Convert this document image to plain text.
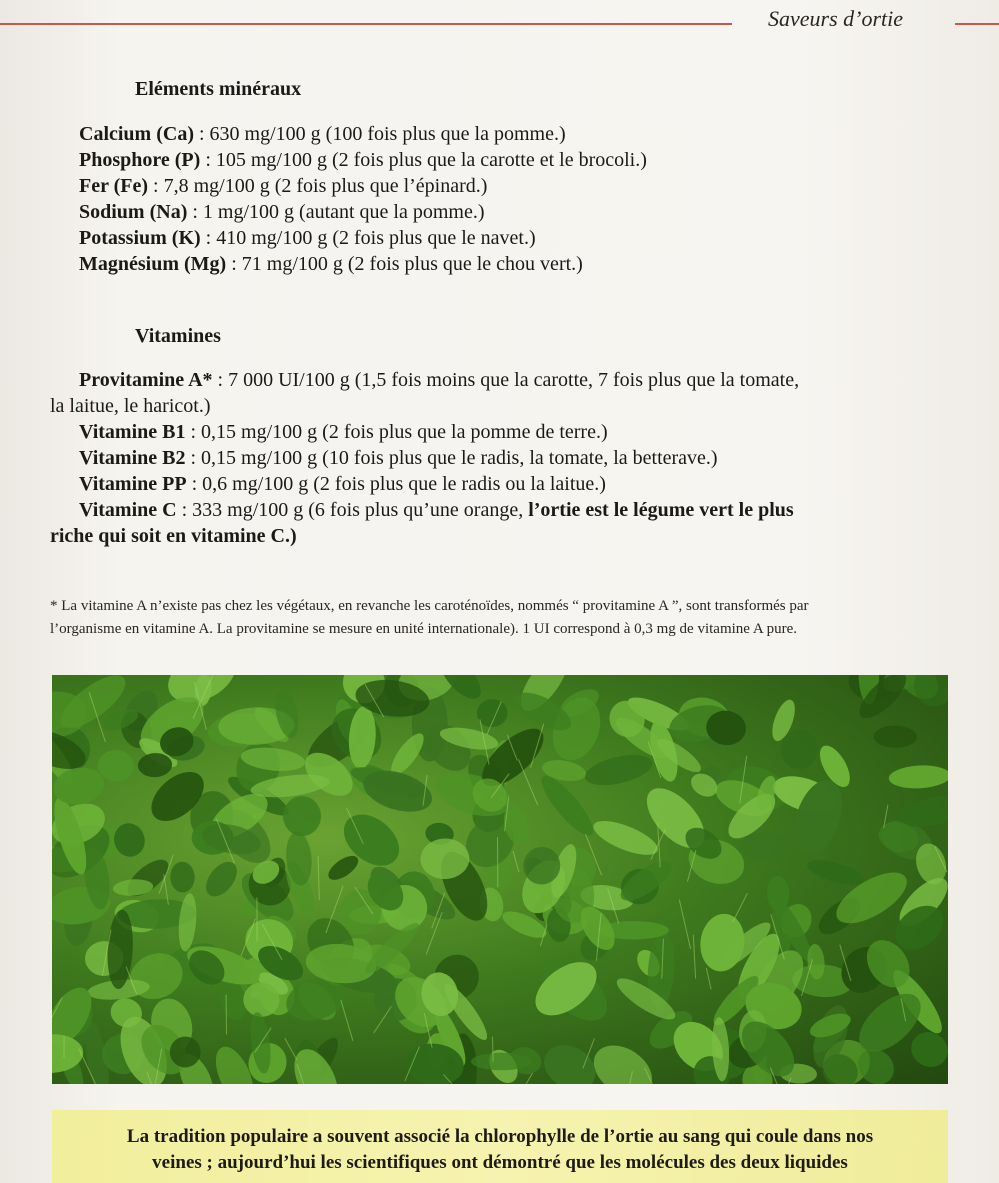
Saveurs d’ortie
Eléments minéraux
Calcium (Ca) : 630 mg/100 g (100 fois plus que la pomme.)
Phosphore (P) : 105 mg/100 g (2 fois plus que la carotte et le brocoli.)
Fer (Fe) : 7,8 mg/100 g (2 fois plus que l’épinard.)
Sodium (Na) : 1 mg/100 g (autant que la pomme.)
Potassium (K) : 410 mg/100 g (2 fois plus que le navet.)
Magnésium (Mg) : 71 mg/100 g (2 fois plus que le chou vert.)
Vitamines
Provitamine A* : 7 000 UI/100 g (1,5 fois moins que la carotte, 7 fois plus que la tomate,
la laitue, le haricot.)
Vitamine B1 : 0,15 mg/100 g (2 fois plus que la pomme de terre.)
Vitamine B2 : 0,15 mg/100 g (10 fois plus que le radis, la tomate, la betterave.)
Vitamine PP : 0,6 mg/100 g (2 fois plus que le radis ou la laitue.)
Vitamine C : 333 mg/100 g (6 fois plus qu’une orange, l’ortie est le légume vert le plus
riche qui soit en vitamine C.)
* La vitamine A n’existe pas chez les végétaux, en revanche les caroténoïdes, nommés “ provitamine A ”, sont transformés par
l’organisme en vitamine A. La provitamine se mesure en unité internationale). 1 UI correspond à 0,3 mg de vitamine A pure.
La tradition populaire a souvent associé la chlorophylle de l’ortie au sang qui coule dans nos
veines ; aujourd’hui les scientifiques ont démontré que les molécules des deux liquides
